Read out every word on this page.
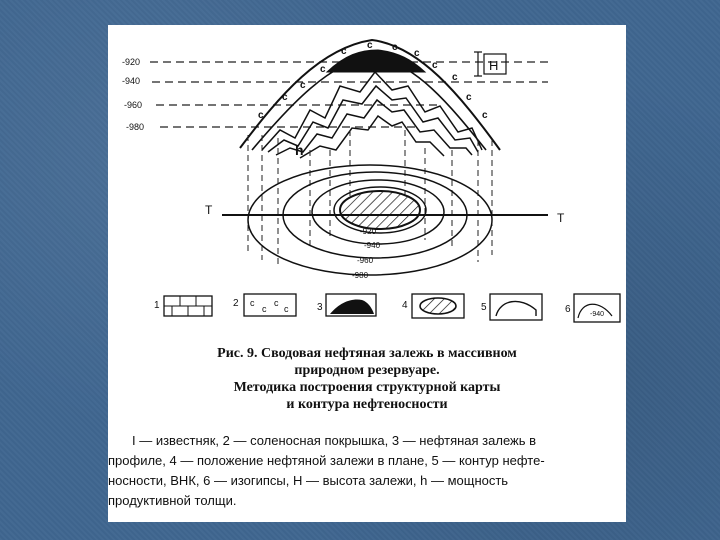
-920
-940
-960
-980
c
c c
c
c	c
c
c
c	c
c	c
H
h
-920
-940
-960
-980
T
T
1	2 c
c
c
c	3	4	5	6	-940
Рис. 9. Сводовая нефтяная залежь в массивном
природном резервуаре.
Методика построения структурной карты
и контура нефтеносности
I — известняк, 2 — соленосная покрышка, 3 — нефтяная залежь в
профиле, 4 — положение нефтяной залежи в плане, 5 — контур нефте-
носности, ВНК, 6 — изогипсы, Н — высота залежи, h — мощность
продуктивной толщи.
